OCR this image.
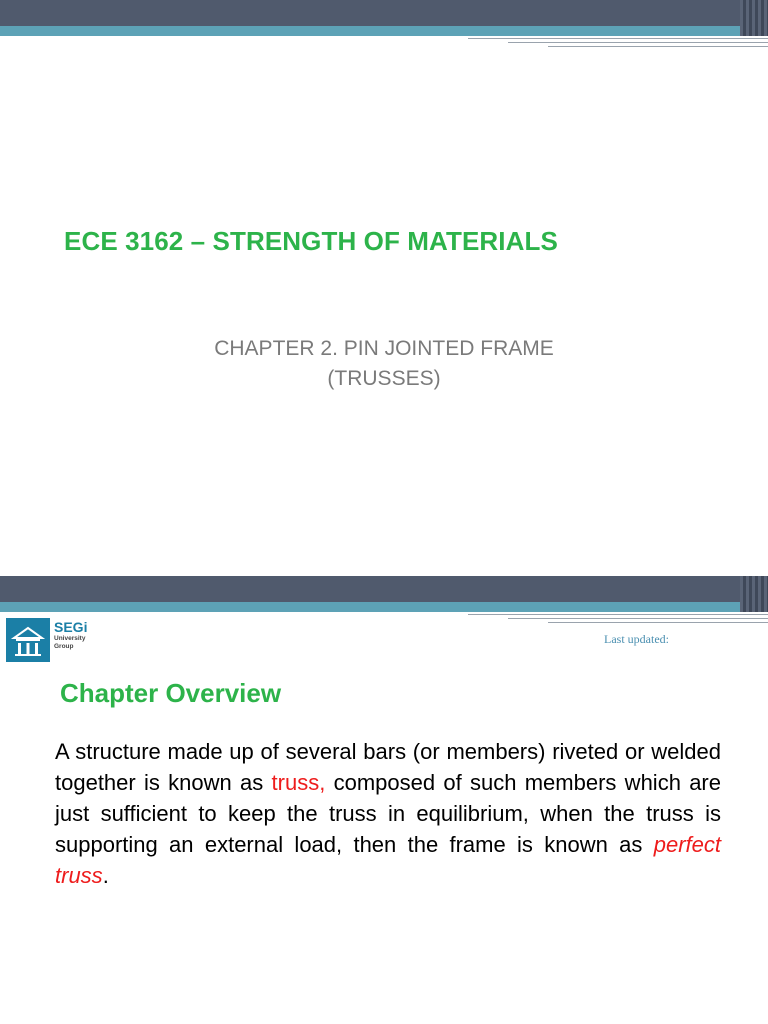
ECE 3162 – STRENGTH OF MATERIALS
CHAPTER 2. PIN JOINTED FRAME
(TRUSSES)
SEGi
University
Group
Last updated:
Chapter Overview

A structure made up of several bars (or members) riveted or welded together is known as truss, composed of such members which are just sufficient to keep the truss in equilibrium, when the truss is supporting an external load, then the frame is known as perfect truss.
